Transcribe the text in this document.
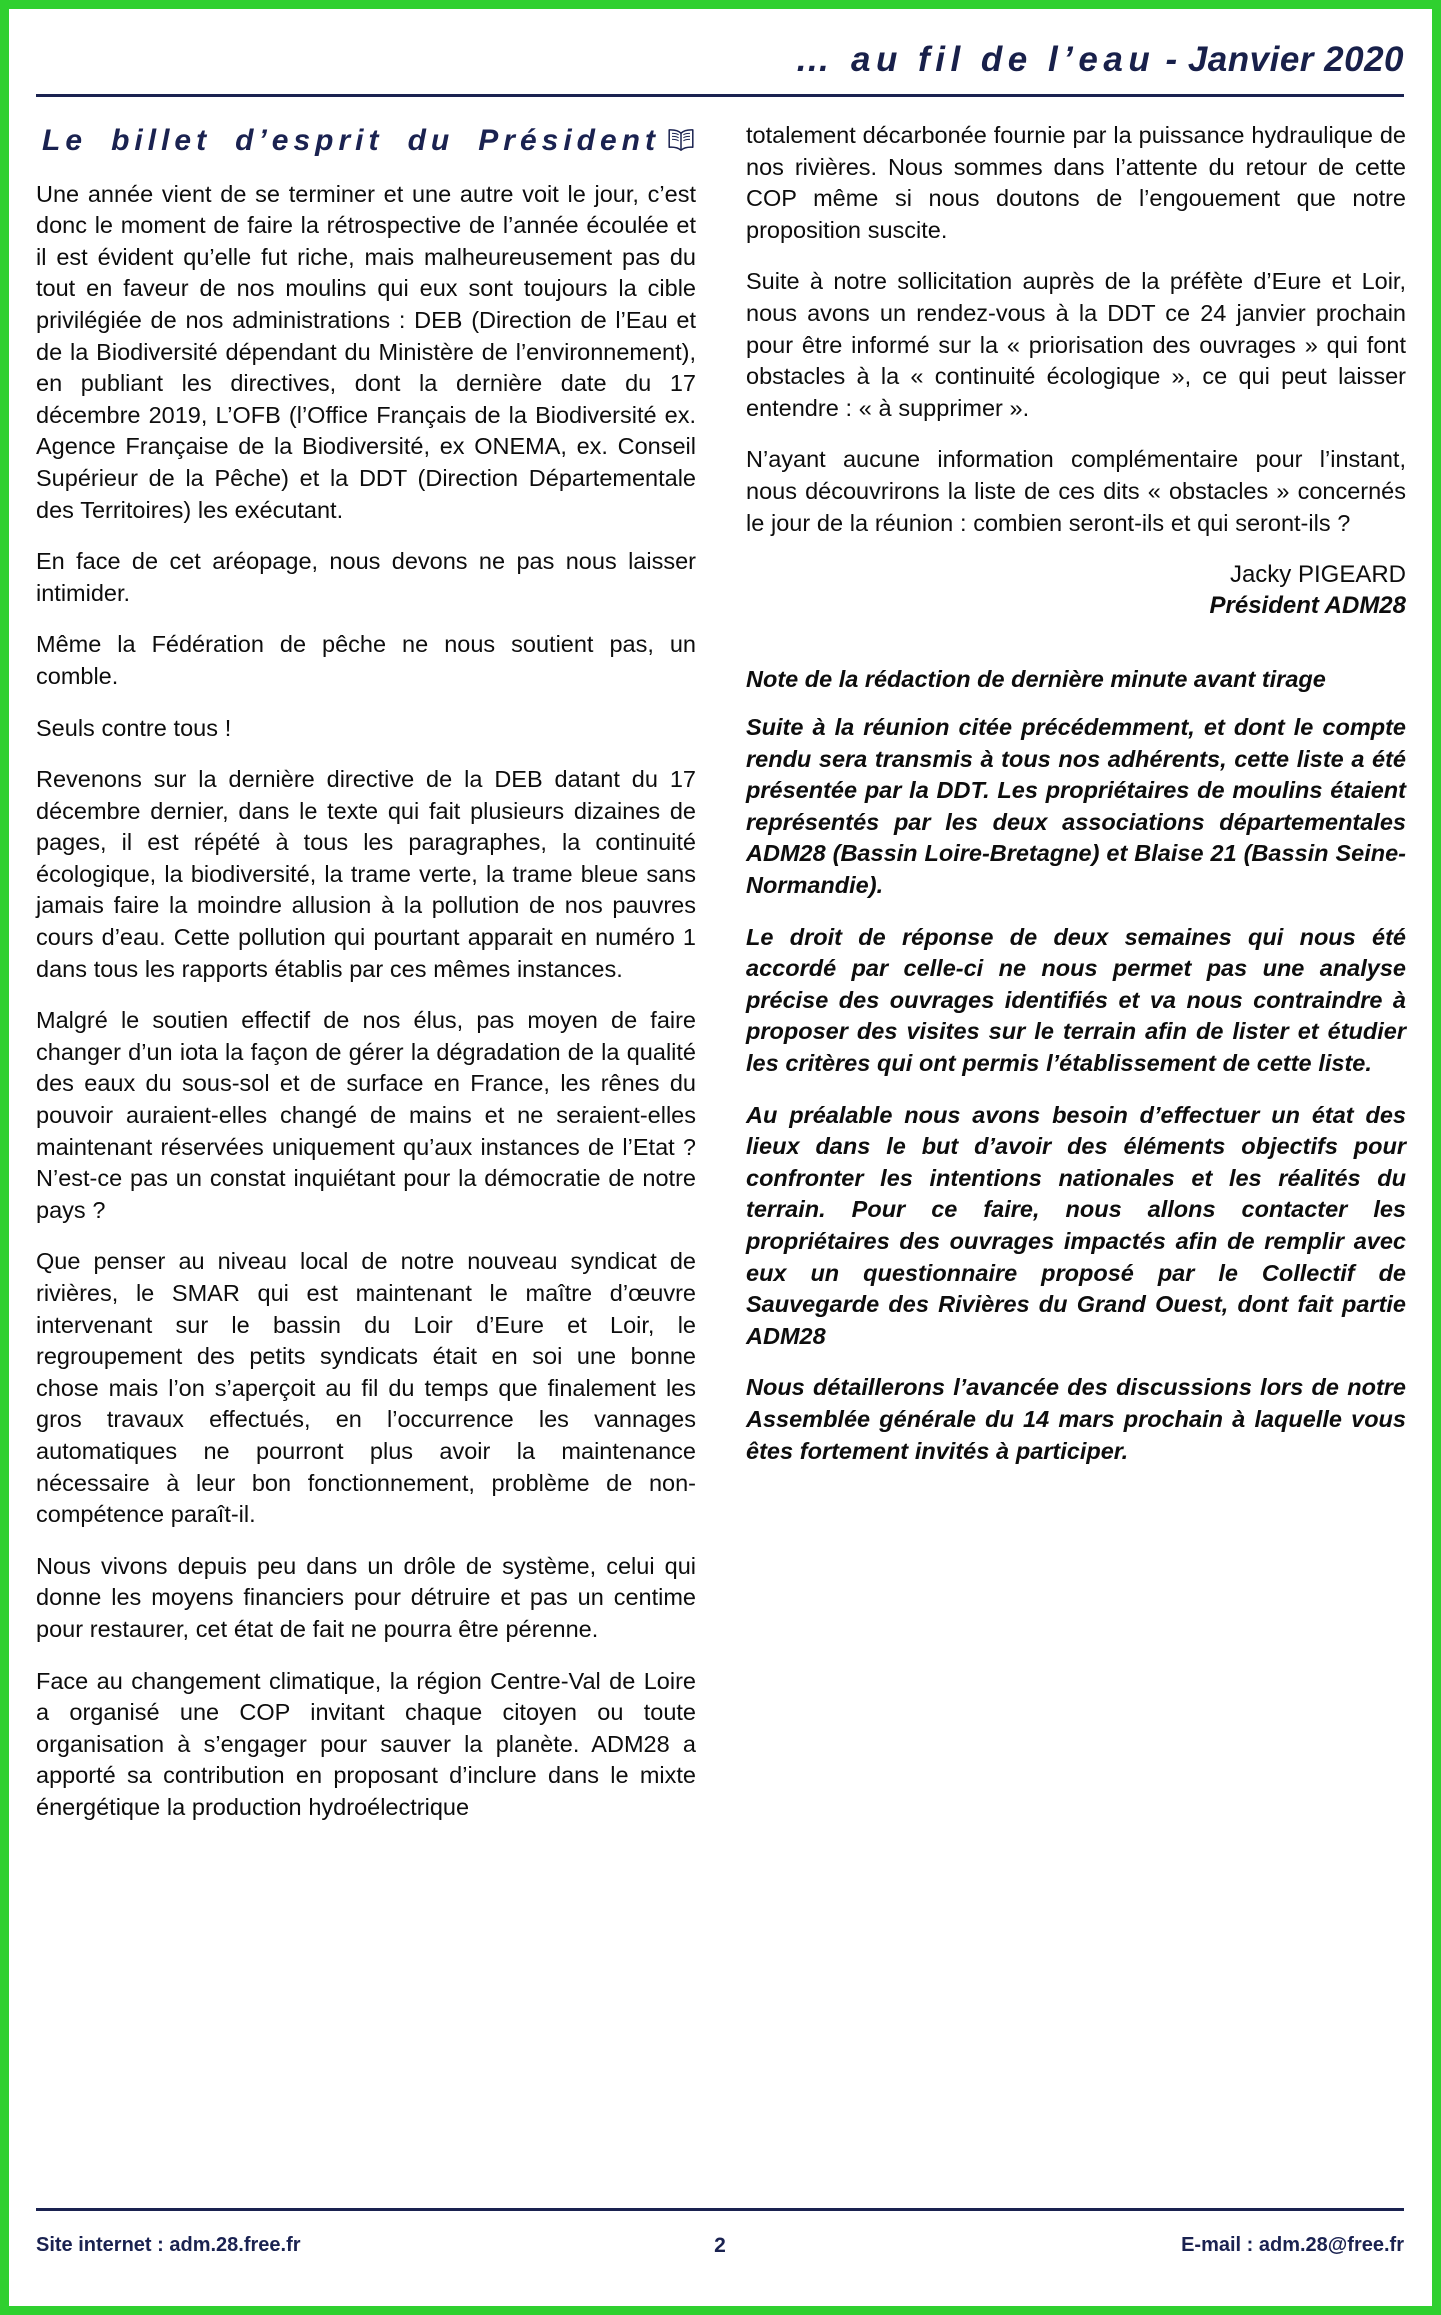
… au fil de l’eau - Janvier 2020
Le billet d’esprit du Président

Une année vient de se terminer et une autre voit le jour, c’est donc le moment de faire la rétrospective de l’année écoulée et il est évident qu’elle fut riche, mais malheureusement pas du tout en faveur de nos moulins qui eux sont toujours la cible privilégiée de nos administrations : DEB (Direction de l’Eau et de la Biodiversité dépendant du Ministère de l’environnement), en publiant les directives, dont la dernière date du 17 décembre 2019, L’OFB (l’Office Français de la Biodiversité ex. Agence Française de la Biodiversité, ex ONEMA, ex. Conseil Supérieur de la Pêche) et la DDT (Direction Départementale des Territoires) les exécutant.

En face de cet aréopage, nous devons ne pas nous laisser intimider.

Même la Fédération de pêche ne nous soutient pas, un comble.

Seuls contre tous !

Revenons sur la dernière directive de la DEB datant du 17 décembre dernier, dans le texte qui fait plusieurs dizaines de pages, il est répété à tous les paragraphes, la continuité écologique, la biodiversité, la trame verte, la trame bleue sans jamais faire la moindre allusion à la pollution de nos pauvres cours d’eau. Cette pollution qui pourtant apparait en numéro 1 dans tous les rapports établis par ces mêmes instances.

Malgré le soutien effectif de nos élus, pas moyen de faire changer d’un iota la façon de gérer la dégradation de la qualité des eaux du sous-sol et de surface en France, les rênes du pouvoir auraient-elles changé de mains et ne seraient-elles maintenant réservées uniquement qu’aux instances de l’Etat ? N’est-ce pas un constat inquiétant pour la démocratie de notre pays ?

Que penser au niveau local de notre nouveau syndicat de rivières, le SMAR qui est maintenant le maître d’œuvre intervenant sur le bassin du Loir d’Eure et Loir, le regroupement des petits syndicats était en soi une bonne chose mais l’on s’aperçoit au fil du temps que finalement les gros travaux effectués, en l’occurrence les vannages automatiques ne pourront plus avoir la maintenance nécessaire à leur bon fonctionnement, problème de non-compétence paraît-il.

Nous vivons depuis peu dans un drôle de système, celui qui donne les moyens financiers pour détruire et pas un centime pour restaurer, cet état de fait ne pourra être pérenne.

Face au changement climatique, la région Centre-Val de Loire a organisé une COP invitant chaque citoyen ou toute organisation à s’engager pour sauver la planète. ADM28 a apporté sa contribution en proposant d’inclure dans le mixte énergétique la production hydroélectrique

totalement décarbonée fournie par la puissance hydraulique de nos rivières. Nous sommes dans l’attente du retour de cette COP même si nous doutons de l’engouement que notre proposition suscite.

Suite à notre sollicitation auprès de la préfète d’Eure et Loir, nous avons un rendez-vous à la DDT ce 24 janvier prochain pour être informé sur la « priorisation des ouvrages » qui font obstacles à la « continuité écologique », ce qui peut laisser entendre : « à supprimer ».

N’ayant aucune information complémentaire pour l’instant, nous découvrirons la liste de ces dits « obstacles » concernés le jour de la réunion : combien seront-ils et qui seront-ils ?

Jacky PIGEARD
Président ADM28
Note de la rédaction de dernière minute avant tirage

Suite à la réunion citée précédemment, et dont le compte rendu sera transmis à tous nos adhérents, cette liste a été présentée par la DDT. Les propriétaires de moulins étaient représentés par les deux associations départementales ADM28 (Bassin Loire-Bretagne) et Blaise 21 (Bassin Seine-Normandie).

Le droit de réponse de deux semaines qui nous été accordé par celle-ci ne nous permet pas une analyse précise des ouvrages identifiés et va nous contraindre à proposer des visites sur le terrain afin de lister et étudier les critères qui ont permis l’établissement de cette liste.

Au préalable nous avons besoin d’effectuer un état des lieux dans le but d’avoir des éléments objectifs pour confronter les intentions nationales et les réalités du terrain. Pour ce faire, nous allons contacter les propriétaires des ouvrages impactés afin de remplir avec eux un questionnaire proposé par le Collectif de Sauvegarde des Rivières du Grand Ouest, dont fait partie ADM28

Nous détaillerons l’avancée des discussions lors de notre Assemblée générale du 14 mars prochain à laquelle vous êtes fortement invités à participer.

Site internet : adm.28.free.fr	2	E-mail : adm.28@free.fr
